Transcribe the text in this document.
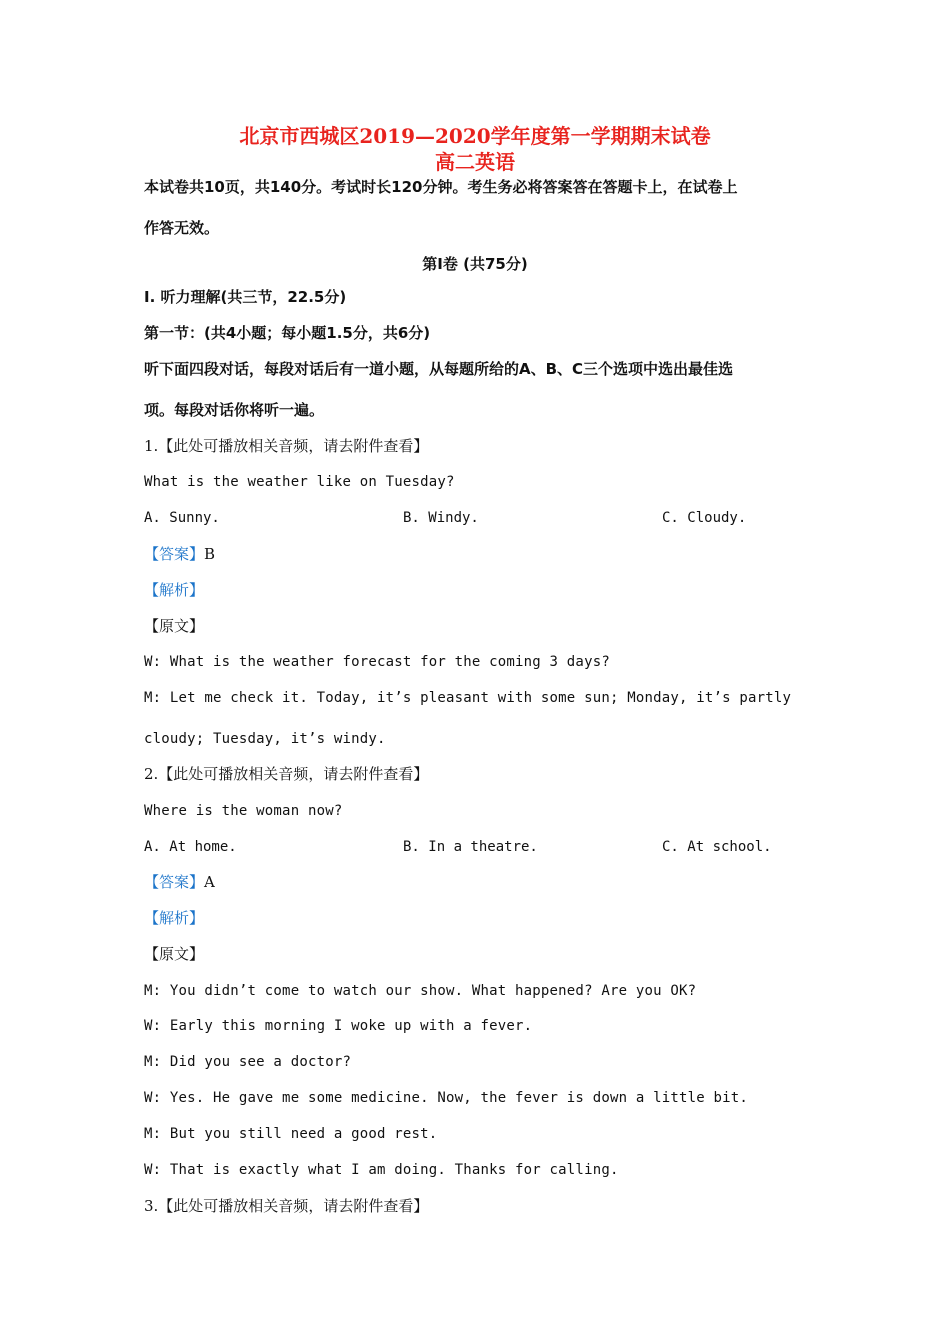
北京市西城区2019—2020学年度第一学期期末试卷
高二英语
本试卷共10页，共140分。考试时长120分钟。考生务必将答案答在答题卡上，在试卷上
作答无效。
第I卷 (共75分)
I. 听力理解(共三节，22.5分)
第一节：(共4小题；每小题1.5分，共6分)
听下面四段对话，每段对话后有一道小题，从每题所给的A、B、C三个选项中选出最佳选
项。每段对话你将听一遍。
1.【此处可播放相关音频，请去附件查看】
What is the weather like on Tuesday?
A. Sunny.	B. Windy.	C. Cloudy.
【答案】B
【解析】
【原文】
W: What is the weather forecast for the coming 3 days?
M: Let me check it. Today, it’s pleasant with some sun; Monday, it’s partly
cloudy; Tuesday, it’s windy.
2.【此处可播放相关音频，请去附件查看】
Where is the woman now?
A. At home.	B. In a theatre.	C. At school.
【答案】A
【解析】
【原文】
M: You didn’t come to watch our show. What happened? Are you OK?
W: Early this morning I woke up with a fever.
M: Did you see a doctor?
W: Yes. He gave me some medicine. Now, the fever is down a little bit.
M: But you still need a good rest.
W: That is exactly what I am doing. Thanks for calling.
3.【此处可播放相关音频，请去附件查看】
